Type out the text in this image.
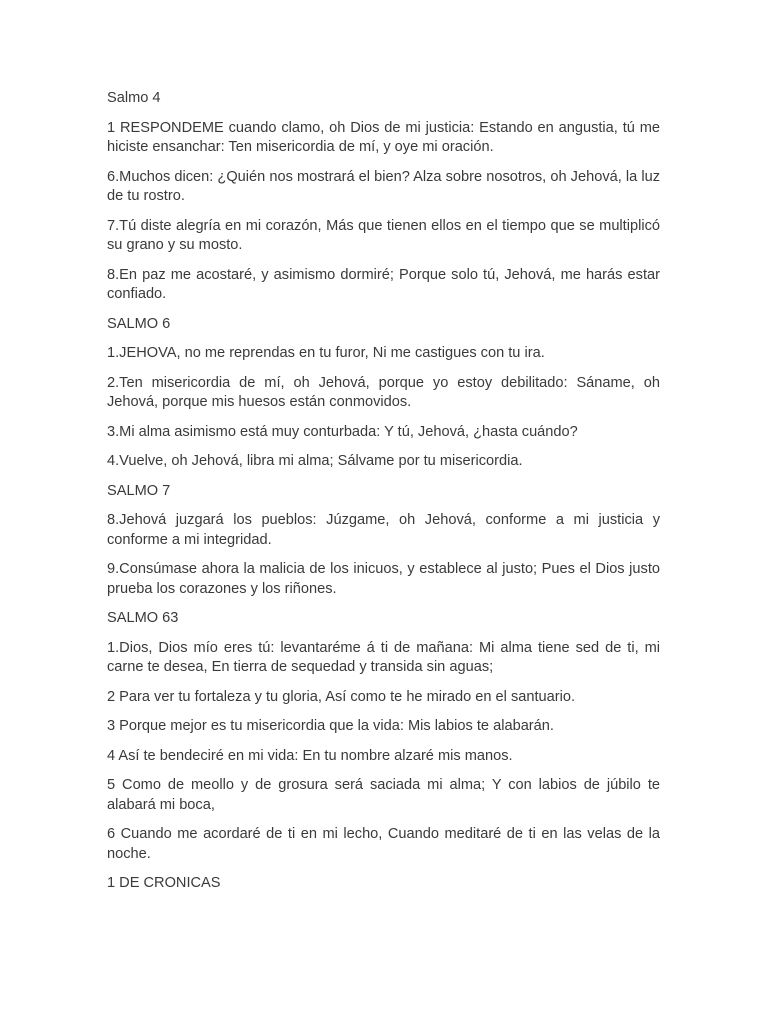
Salmo 4

1 RESPONDEME cuando clamo, oh Dios de mi justicia: Estando en angustia, tú me hiciste ensanchar: Ten misericordia de mí, y oye mi oración.

6.Muchos dicen: ¿Quién nos mostrará el bien? Alza sobre nosotros, oh Jehová, la luz de tu rostro.

7.Tú diste alegría en mi corazón, Más que tienen ellos en el tiempo que se multiplicó su grano y su mosto.

8.En paz me acostaré, y asimismo dormiré; Porque solo tú, Jehová, me harás estar confiado.

SALMO 6

1.JEHOVA, no me reprendas en tu furor, Ni me castigues con tu ira.

2.Ten misericordia de mí, oh Jehová, porque yo estoy debilitado: Sáname, oh Jehová, porque mis huesos están conmovidos.

3.Mi alma asimismo está muy conturbada: Y tú, Jehová, ¿hasta cuándo?

4.Vuelve, oh Jehová, libra mi alma; Sálvame por tu misericordia.

SALMO 7

8.Jehová juzgará los pueblos: Júzgame, oh Jehová, conforme a mi justicia y conforme a mi integridad.

9.Consúmase ahora la malicia de los inicuos, y establece al justo; Pues el Dios justo prueba los corazones y los riñones.

SALMO 63

1.Dios, Dios mío eres tú: levantaréme á ti de mañana: Mi alma tiene sed de ti, mi carne te desea, En tierra de sequedad y transida sin aguas;

2 Para ver tu fortaleza y tu gloria, Así como te he mirado en el santuario.

3 Porque mejor es tu misericordia que la vida: Mis labios te alabarán.

4 Así te bendeciré en mi vida: En tu nombre alzaré mis manos.

5 Como de meollo y de grosura será saciada mi alma; Y con labios de júbilo te alabará mi boca,

6 Cuando me acordaré de ti en mi lecho, Cuando meditaré de ti en las velas de la noche.

1 DE CRONICAS
